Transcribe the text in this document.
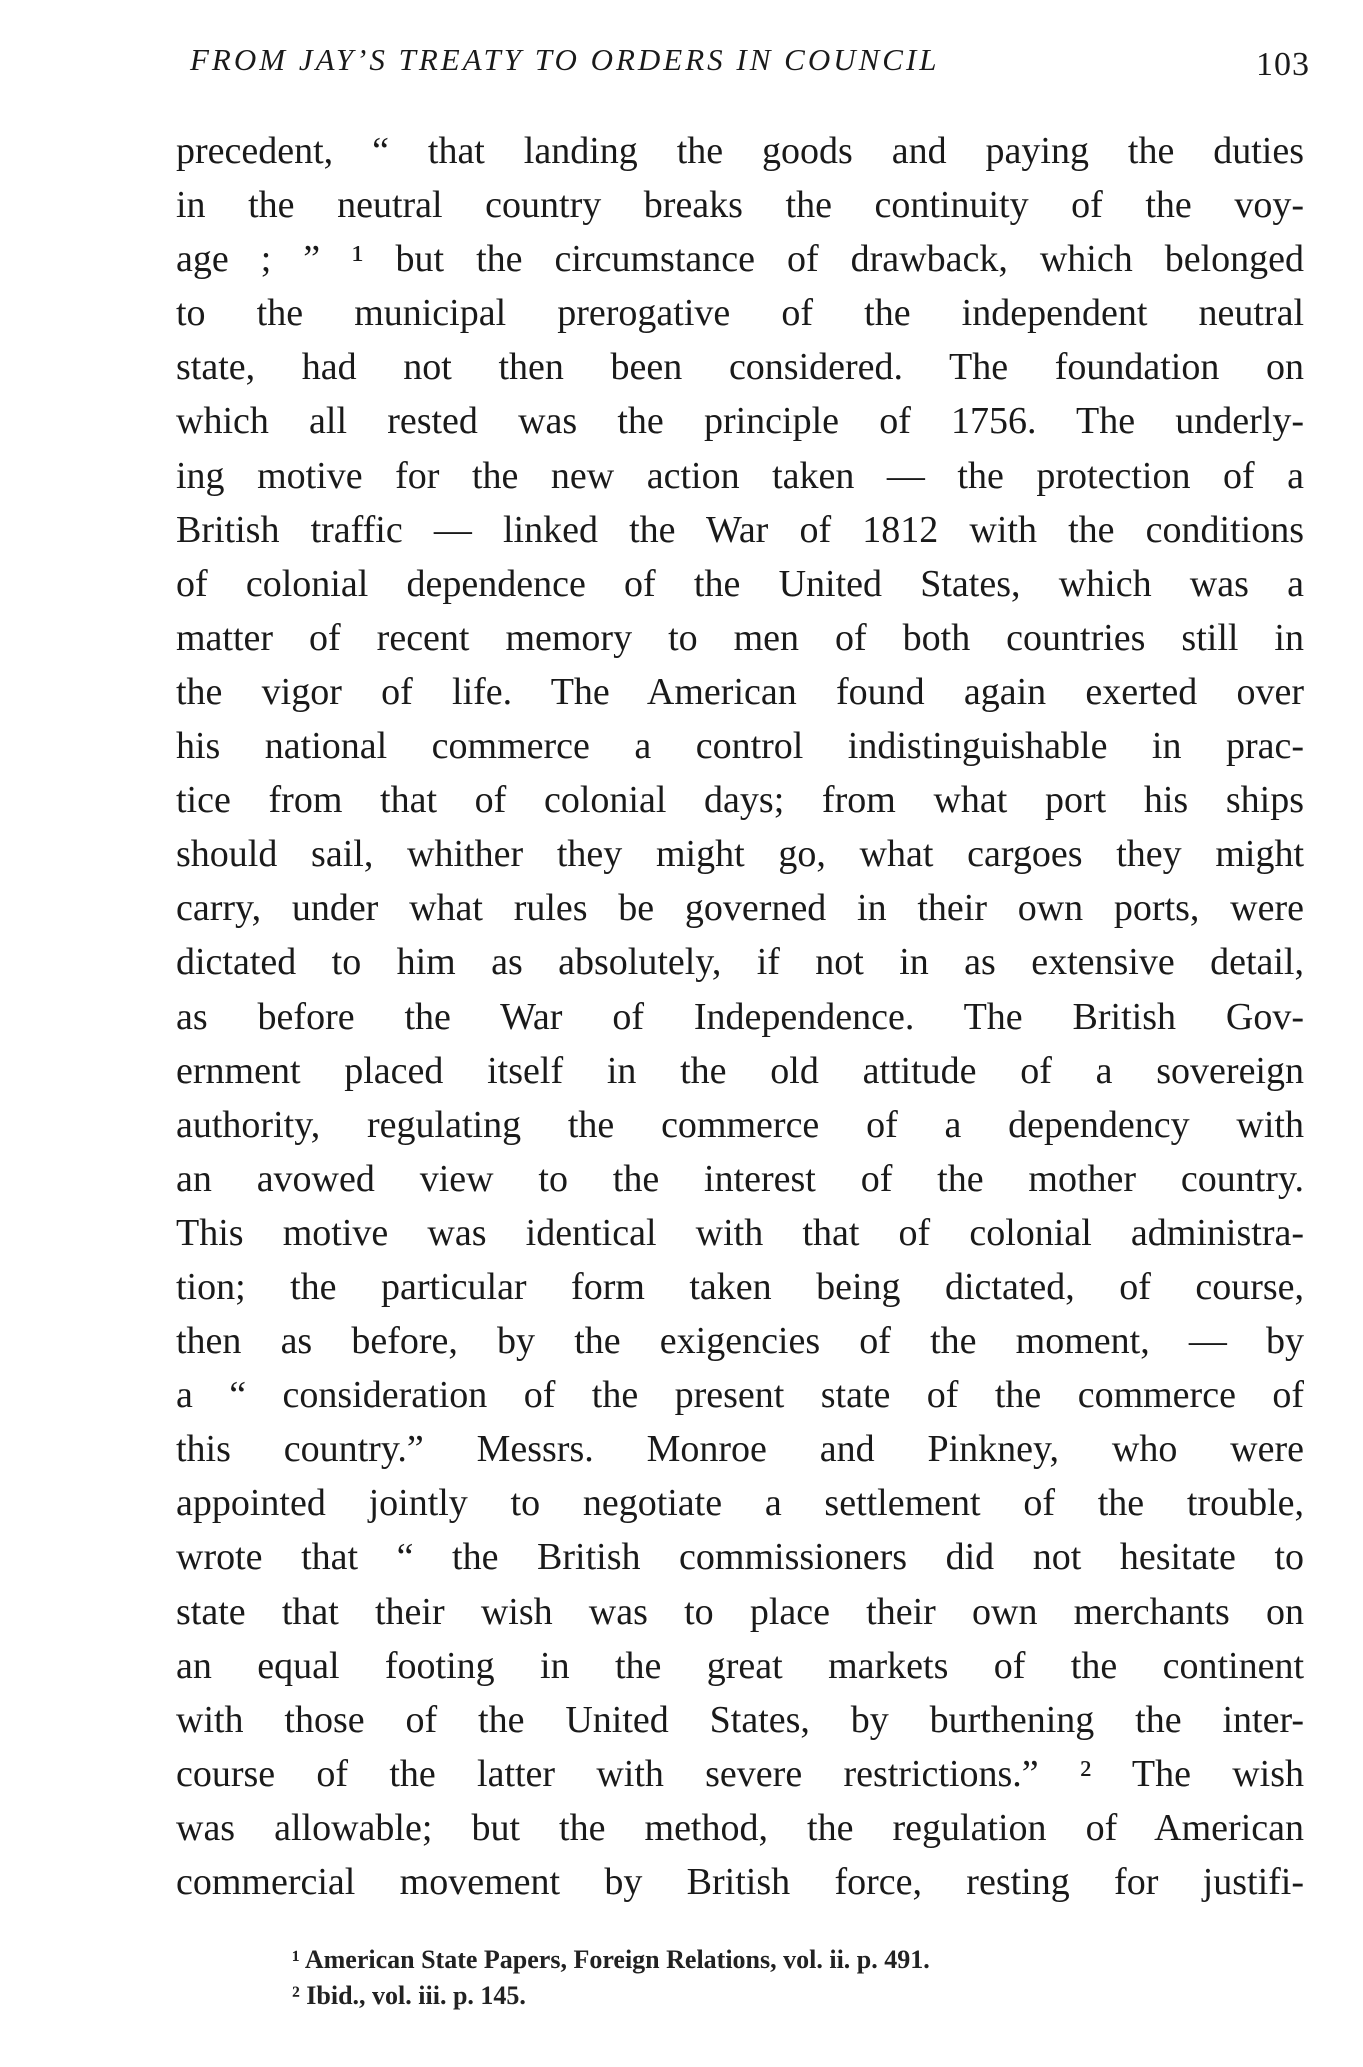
FROM JAY’S TREATY TO ORDERS IN COUNCIL	103
precedent, “ that landing the goods and paying the duties
in the neutral country breaks the continuity of the voy-
age ; ” ¹ but the circumstance of drawback, which belonged
to the municipal prerogative of the independent neutral
state, had not then been considered. The foundation on
which all rested was the principle of 1756. The underly-
ing motive for the new action taken — the protection of a
British traffic — linked the War of 1812 with the conditions
of colonial dependence of the United States, which was a
matter of recent memory to men of both countries still in
the vigor of life. The American found again exerted over
his national commerce a control indistinguishable in prac-
tice from that of colonial days; from what port his ships
should sail, whither they might go, what cargoes they might
carry, under what rules be governed in their own ports, were
dictated to him as absolutely, if not in as extensive detail,
as before the War of Independence. The British Gov-
ernment placed itself in the old attitude of a sovereign
authority, regulating the commerce of a dependency with
an avowed view to the interest of the mother country.
This motive was identical with that of colonial administra-
tion; the particular form taken being dictated, of course,
then as before, by the exigencies of the moment, — by
a “ consideration of the present state of the commerce of
this country.” Messrs. Monroe and Pinkney, who were
appointed jointly to negotiate a settlement of the trouble,
wrote that “ the British commissioners did not hesitate to
state that their wish was to place their own merchants on
an equal footing in the great markets of the continent
with those of the United States, by burthening the inter-
course of the latter with severe restrictions.” ² The wish
was allowable; but the method, the regulation of American
commercial movement by British force, resting for justifi-
¹ American State Papers, Foreign Relations, vol. ii. p. 491.
² Ibid., vol. iii. p. 145.
